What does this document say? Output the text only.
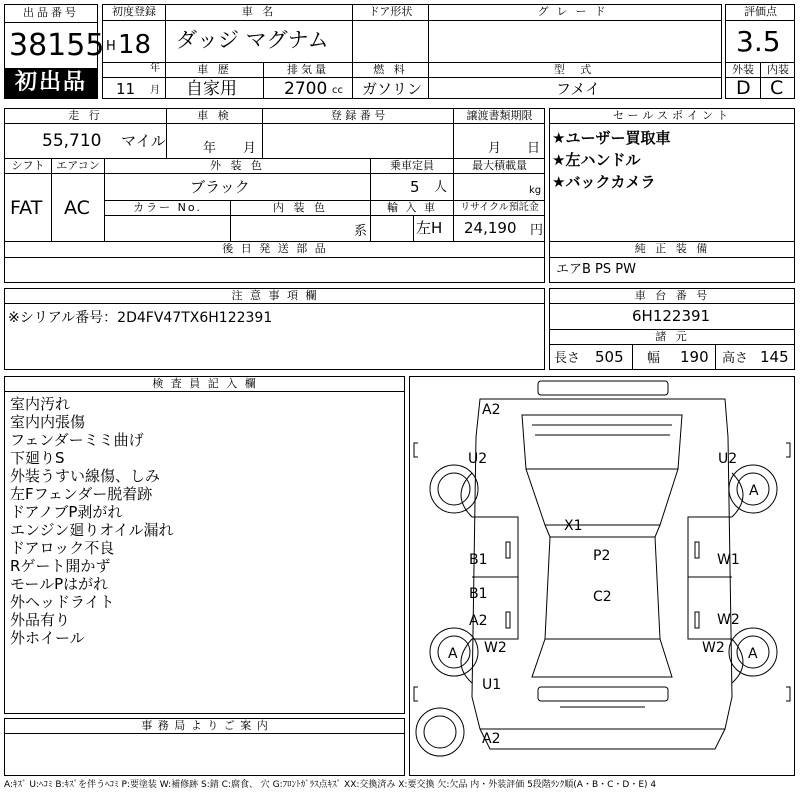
出品番号
38155
初出品
初度登録
H 18
年
11 月
車 名
ダッジ マグナム
ドア形状	グレード
車 歴
自家用
排気量
2700 cc
燃 料
ガソリン
型 式
フメイ
評価点
3.5
外装	内装
D C
走 行
55,710 マイル
車 検
年 月
登 録 番 号	譲渡書類期限
月 日
シフト
FAT
エアコン
AC
外 装 色
ブラック
乗車定員
5 人
最大積載量
kg
カラー No.	内 装 色
系
輸 入 車
左H
リサイクル預託金
24,190 円
後 日 発 送 部 品
セールスポイント
★ユーザー買取車
★左ハンドル
★バックカメラ
純 正 装 備
エアB PS PW
注 意 事 項 欄
※シリアル番号：2D4FV47TX6H122391
車 台 番 号
6H122391
諸 元
長さ 505 幅 190 高さ 145
検 査 員 記 入 欄
室内汚れ
室内内張傷
フェンダーミミ曲げ
下廻りS
外装うすい線傷、しみ
左Fフェンダー脱着跡
ドアノブP剥がれ
エンジン廻りオイル漏れ
ドアロック不良
Rゲート開かず
モールPはがれ
外ヘッドライト
外品有り
外ホイール
事 務 局 よ り ご 案 内
A2
U2	U2
A
X1
B1	P2	W1
B1	C2
A2	W2
A W2	W2 A
U1
A2
A:ｷｽﾞ U:ﾍｺﾐ B:ｷｽﾞを伴うﾍｺﾐ P:要塗装 W:補修跡 S:錆 C:腐食、 穴 G:ﾌﾛﾝﾄｶﾞﾗｽ点ｷｽﾞ XX:交換済み X:要交換 欠:欠品 内・外装評価 5段階ﾗﾝｸ順(A・B・C・D・E) 4
